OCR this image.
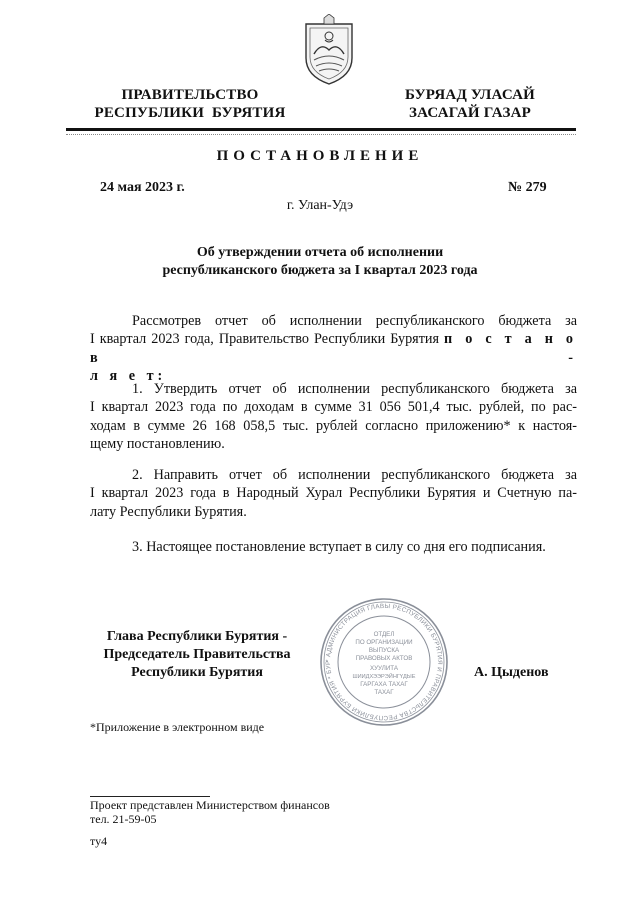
ПРАВИТЕЛЬСТВО
РЕСПУБЛИКИ  БУРЯТИЯ
БУРЯАД УЛАСАЙ
ЗАСАГАЙ ГАЗАР
ПОСТАНОВЛЕНИЕ
24 мая 2023 г.	№ 279
г. Улан-Удэ
Об утверждении отчета об исполнении
республиканского бюджета за I квартал 2023 года
Рассмотрев отчет об исполнении республиканского бюджета за
I квартал 2023 года, Правительство Республики Бурятия п о с т а н о в -
л я е т:
1. Утвердить отчет об исполнении республиканского бюджета за
I квартал 2023 года по доходам в сумме 31 056 501,4 тыс. рублей, по рас-
ходам в сумме 26 168 058,5 тыс. рублей согласно приложению* к настоя-
щему постановлению.
2. Направить отчет об исполнении республиканского бюджета за
I квартал 2023 года в Народный Хурал Республики Бурятия и Счетную па-
лату Республики Бурятия.
3. Настоящее постановление вступает в силу со дня его подписания.
Глава Республики Бурятия -
Председатель Правительства
Республики Бурятия
* АДМИНИСТРАЦИЯ ГЛАВЫ РЕСПУБЛИКИ БУРЯТИЯ И ПРАВИТЕЛЬСТВА РЕСПУБЛИКИ БУРЯТИЯ * БУР
ОТДЕЛ
ПО ОРГАНИЗАЦИИ
ВЫПУСКА
ПРАВОВЫХ АКТОВ
ХУУЛИТА
ШИИДХЭЭРЭЙНГҮДЫЕ
ГАРГАХА ТАХАГ
ТАХАГ
А. Цыденов
*Приложение в электронном виде
Проект представлен Министерством финансов
тел. 21-59-05
ту4
